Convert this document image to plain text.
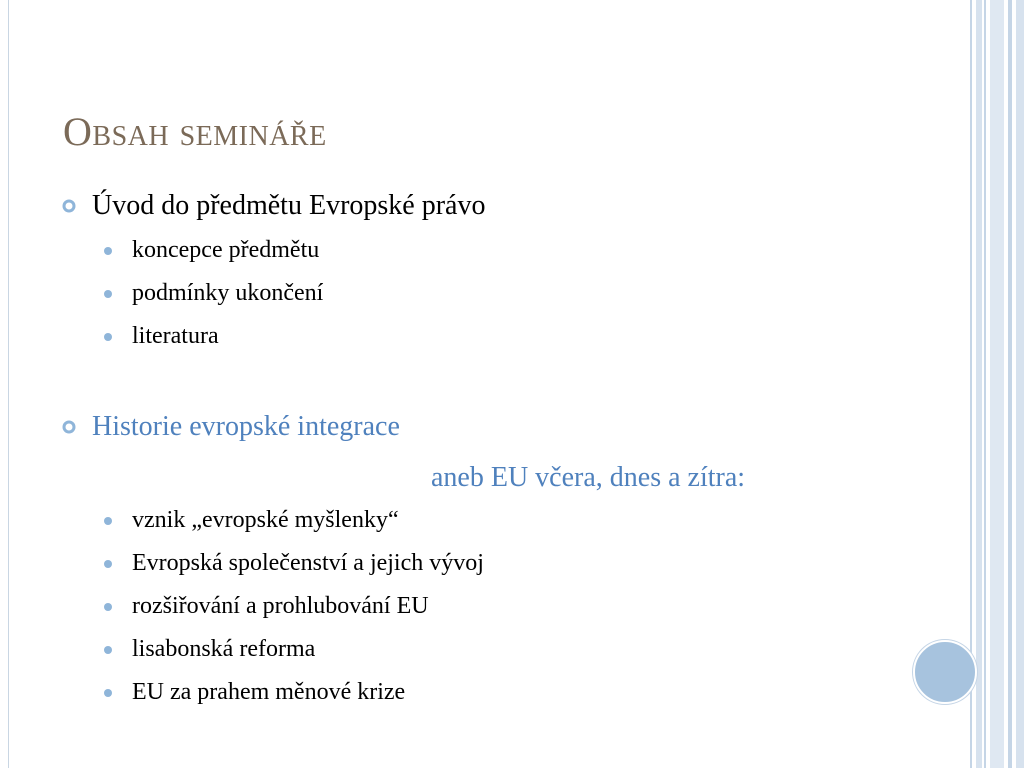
Obsah semináře
Úvod do předmětu Evropské právo
koncepce předmětu
podmínky ukončení
literatura
Historie evropské integrace
aneb EU včera, dnes a zítra:
vznik „evropské myšlenky“
Evropská společenství a jejich vývoj
rozšiřování a prohlubování EU
lisabonská reforma
EU za prahem měnové krize
